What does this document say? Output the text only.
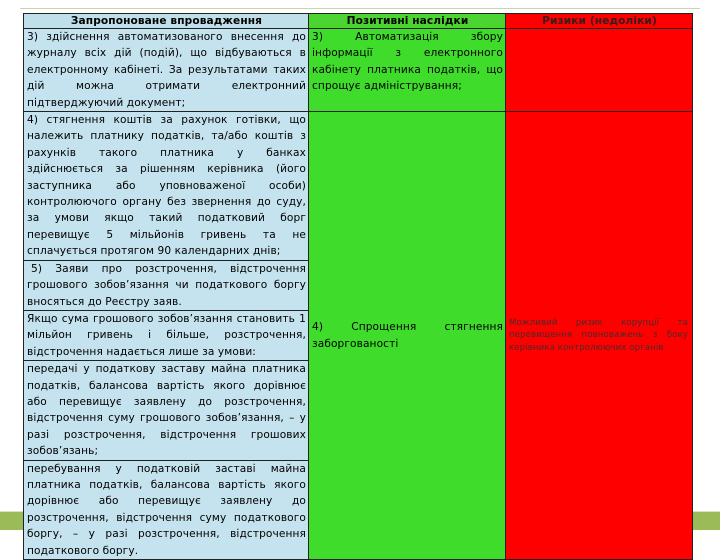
Запропоноване впровадження	Позитивні наслідки	Ризики (недоліки)

3) здійснення автоматизованого внесення до журналу всіх дій (подій), що відбуваються в електронному кабінеті. За результатами таких дій можна отримати електронний підтверджуючий документ;	3) Автоматизація збору інформації з електронного кабінету платника податків, що спрощує адміністрування;	

4) стягнення коштів за рахунок готівки, що належить платнику податків, та/або коштів з рахунків такого платника у банках здійснюється за рішенням керівника (його заступника або уповноваженої особи) контролюючого органу без звернення до суду, за умови якщо такий податковий борг перевищує 5 мільйонів гривень та не сплачується протягом 90 календарних днів;	4) Спрощення стягнення заборгованості	Можливий ризик корупції та перевищення повноважень з боку керівника контролюючих органів

5) Заяви про розстрочення, відстрочення грошового зобов’язання чи податкового боргу вносяться до Реєстру заяв.		

Якщо сума грошового зобов’язання становить 1 мільйон гривень і більше, розстрочення, відстрочення надається лише за умови:		

передачі у податкову заставу майна платника податків, балансова вартість якого дорівнює або перевищує заявлену до розстрочення, відстрочення суму грошового зобов’язання, – у разі розстрочення, відстрочення грошових зобов’язань;		

перебування у податковій заставі майна платника податків, балансова вартість якого дорівнює або перевищує заявлену до розстрочення, відстрочення суму податкового боргу, – у разі розстрочення, відстрочення податкового боргу.		
